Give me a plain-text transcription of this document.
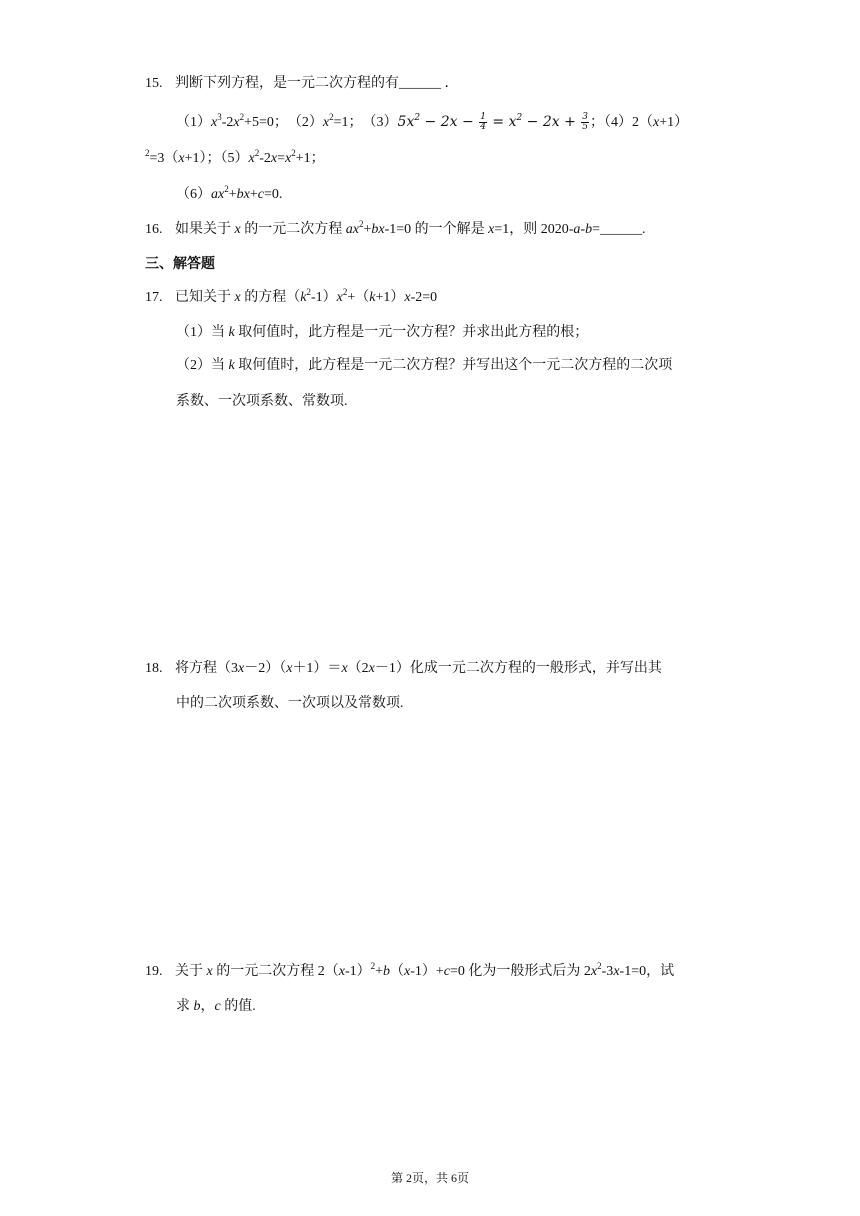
15. 判断下列方程，是一元二次方程的有______ ．
$(1)x^3-2x^2+5=0$；　$(2)x^2=1$；　$(3)5x^2 - 2x - \frac{1}{4} = x^2 - 2x + \frac{3}{5}$ ；（4）2（x+1）
$^2$=3（x+1）；$(5)x^2-2x=x^2+1$；
$(6)ax^2+bx+c=0$.
16. 如果关于 x 的一元二次方程 $ax^2+bx-1=0$ 的一个解是 x=1，则 2020-a-b=______.
三、解答题
17. 已知关于 x 的方程$(k^2-1)x^2+(k+1)x-2=0$
（1）当 k 取何值时，此方程是一元一次方程？并求出此方程的根；
（2）当 k 取何值时，此方程是一元二次方程？并写出这个一元二次方程的二次项
系数、一次项系数、常数项.
18. 将方程（3x－2）（x＋1）＝x（2x－1）化成一元二次方程的一般形式，并写出其
中的二次项系数、一次项以及常数项.
19. 关于 x 的一元二次方程 $2(x-1)^2+b(x-1)+c=0$ 化为一般形式后为 $2x^2-3x-1=0$，试
求 b，c 的值.
第 2页，共 6页
